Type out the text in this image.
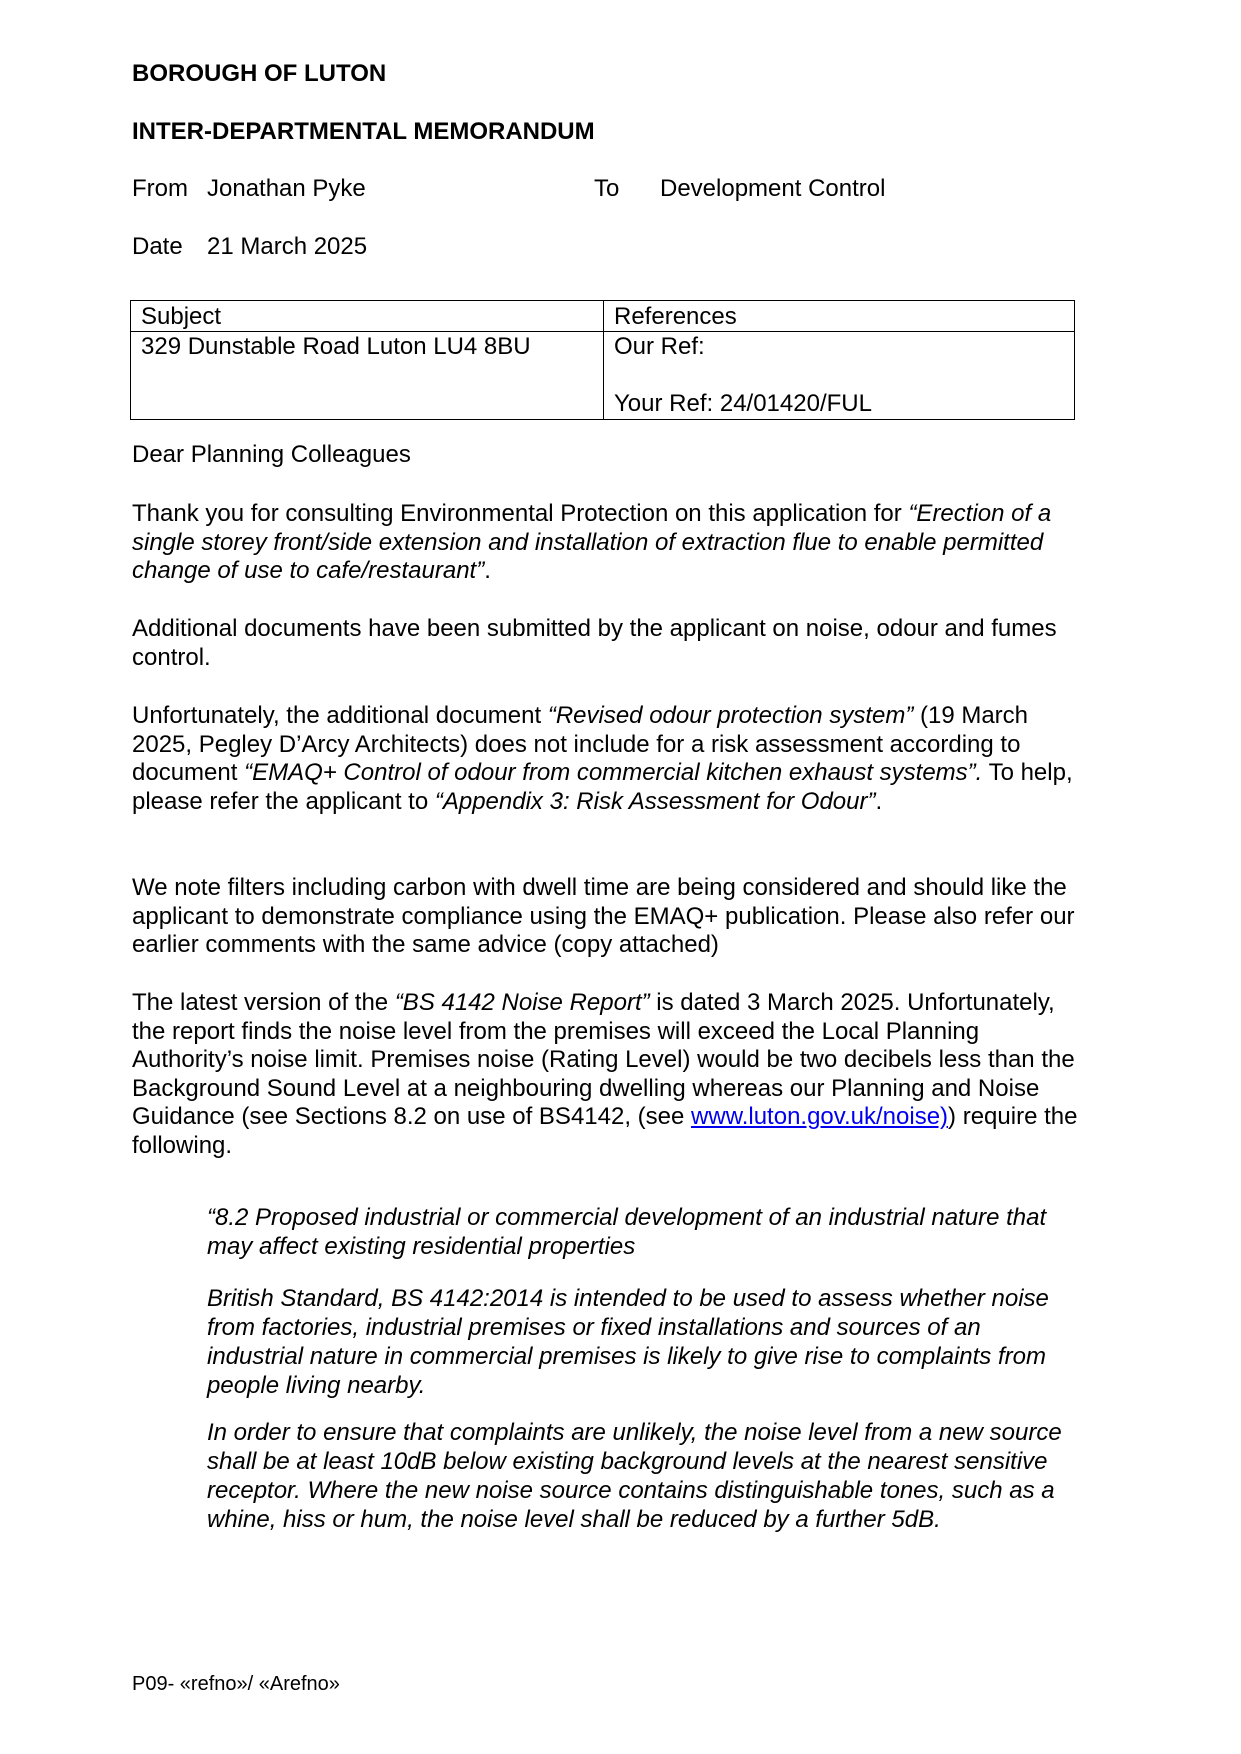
BOROUGH OF LUTON

INTER-DEPARTMENTAL MEMORANDUM

From Jonathan Pyke	To Development Control
Date 21 March 2025
Subject	References
329 Dunstable Road Luton LU4 8BU	Our Ref:
Your Ref: 24/01420/FUL

Dear Planning Colleagues

Thank you for consulting Environmental Protection on this application for “Erection of a single storey front/side extension and installation of extraction flue to enable permitted change of use to cafe/restaurant”.

Additional documents have been submitted by the applicant on noise, odour and fumes control.

Unfortunately, the additional document “Revised odour protection system” (19 March 2025, Pegley D’Arcy Architects) does not include for a risk assessment according to document “EMAQ+ Control of odour from commercial kitchen exhaust systems”. To help, please refer the applicant to “Appendix 3: Risk Assessment for Odour”.

We note filters including carbon with dwell time are being considered and should like the applicant to demonstrate compliance using the EMAQ+ publication. Please also refer our earlier comments with the same advice (copy attached)

The latest version of the “BS 4142 Noise Report” is dated 3 March 2025. Unfortunately, the report finds the noise level from the premises will exceed the Local Planning Authority’s noise limit. Premises noise (Rating Level) would be two decibels less than the Background Sound Level at a neighbouring dwelling whereas our Planning and Noise Guidance (see Sections 8.2 on use of BS4142, (see www.luton.gov.uk/noise)) require the following.

“8.2 Proposed industrial or commercial development of an industrial nature that may affect existing residential properties

British Standard, BS 4142:2014 is intended to be used to assess whether noise from factories, industrial premises or fixed installations and sources of an industrial nature in commercial premises is likely to give rise to complaints from people living nearby.

In order to ensure that complaints are unlikely, the noise level from a new source shall be at least 10dB below existing background levels at the nearest sensitive receptor. Where the new noise source contains distinguishable tones, such as a whine, hiss or hum, the noise level shall be reduced by a further 5dB.

P09- «refno»/ «Arefno»
